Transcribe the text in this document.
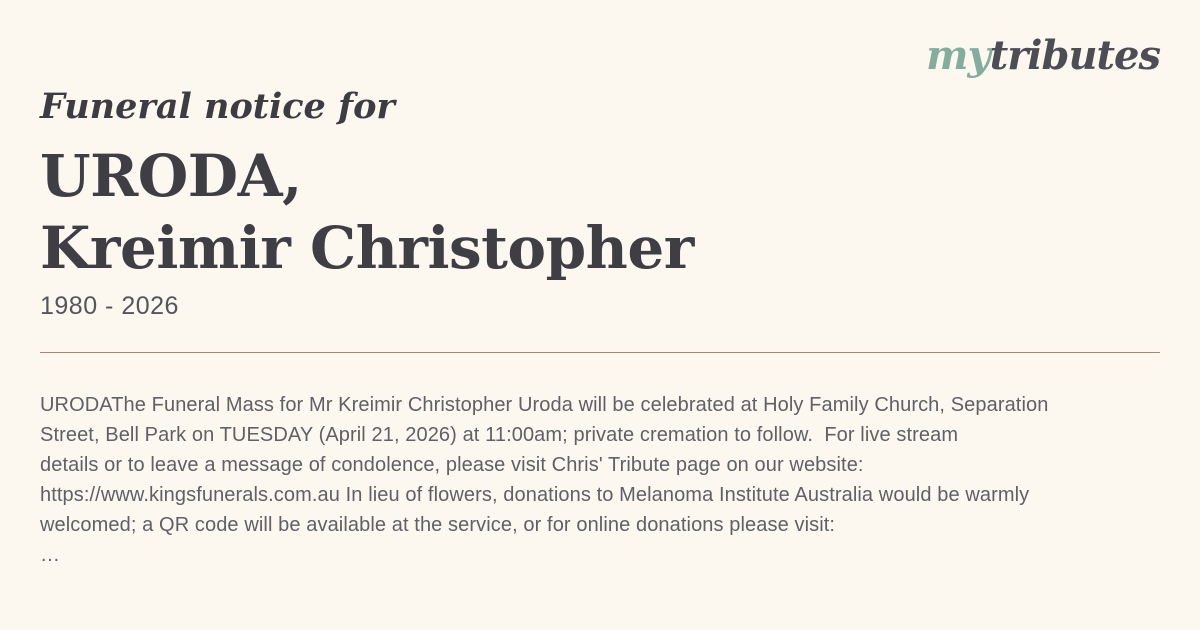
mytributes
Funeral notice for
URODA,
Kreimir Christopher
1980 - 2026
URODAThe Funeral Mass for Mr Kreimir Christopher Uroda will be celebrated at Holy Family Church, Separation
Street, Bell Park on TUESDAY (April 21, 2026) at 11:00am; private cremation to follow.  For live stream
details or to leave a message of condolence, please visit Chris' Tribute page on our website:
https://www.kingsfunerals.com.au In lieu of flowers, donations to Melanoma Institute Australia would be warmly
welcomed; a QR code will be available at the service, or for online donations please visit:
…
